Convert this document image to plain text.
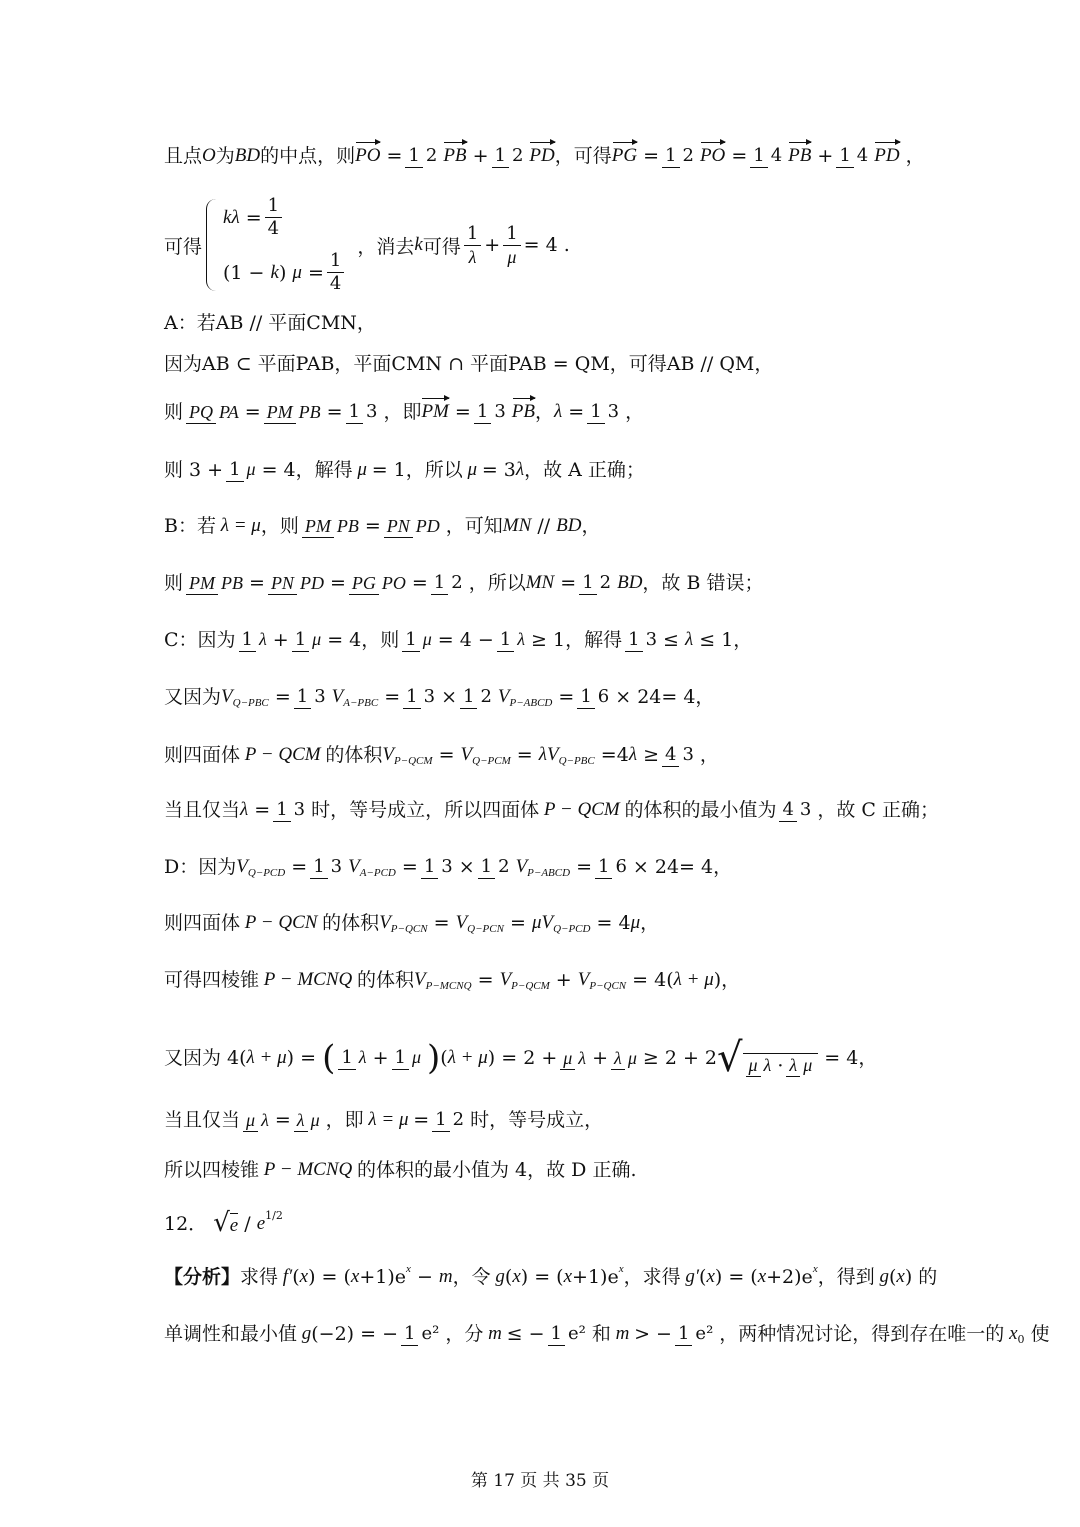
且点 O 为 BD 的中点，则 PO = 1 2 PB + 1 2 PD ，可得 PG = 1 2 PO = 1 4 PB + 1 4 PD ，
可得
$k\lambda = \frac{1}{4}$
(1 − k ) $\mu = \frac{1}{4}$
，消去 k 可得 $\frac{1}{\lambda} + \frac{1}{\mu} = 4$ .
A：若AB // 平面CMN，
因为AB ⊂ 平面PAB，平面CMN ∩ 平面PAB = QM，可得AB // QM，
则 PQ PA = PM PB = 1 3 ，即 PM = 1 3 PB ， λ = 1 3 ，
则 3 + 1 μ = 4，解得 μ = 1，所以 μ = 3 λ ，故 A 正确；
B：若 λ = μ ，则 PM PB = PN PD ，可知 MN // BD ，
则 PM PB = PN PD = PG PO = 1 2 ，所以 MN = 1 2 BD ，故 B 错误；
C：因为 1 λ + 1 μ = 4，则 1 μ = 4 − 1 λ ≥ 1，解得 1 3 ≤ λ ≤ 1，
又因为 V Q−PBC = 1 3 V A−PBC = 1 3 × 1 2 V P−ABCD = 1 6 × 24= 4，
则四面体 P − QCM 的体积 V P−QCM = V Q−PCM = λV Q−PBC =4 λ ≥ 4 3 ，
当且仅当 λ = 1 3 时，等号成立，所以四面体 P − QCM 的体积的最小值为 4 3 ，故 C 正确；
D：因为 V Q−PCD = 1 3 V A−PCD = 1 3 × 1 2 V P−ABCD = 1 6 × 24= 4，
则四面体 P − QCN 的体积 V P−QCN = V Q−PCN = μV Q−PCD = 4 μ ，
可得四棱锥 P − MCNQ 的体积 V P−MCNQ = V P−QCM + V P−QCN = 4( λ + μ )，
又因为 4( λ + μ ) = ( 1 λ + 1 μ ) ( λ + μ ) = 2 + μ λ + λ μ ≥ 2 + 2 √ μ λ · λ μ = 4，
当且仅当 μ λ = λ μ ，即 λ = μ = 1 2 时，等号成立，
所以四棱锥 P − MCNQ 的体积的最小值为 4，故 D 正确.
12． √ e / e 1/2
【分析】 求得 f′ ( x ) = ( x +1)e x − m ，令 g ( x ) = ( x +1)e x ，求得 g′ ( x ) = ( x +2)e x ，得到 g ( x ) 的
单调性和最小值 g (−2) = − 1 e² ，分 m ≤ − 1 e² 和 m > − 1 e² ，两种情况讨论，得到存在唯一的 x 0 使
第 17 页 共 35 页
